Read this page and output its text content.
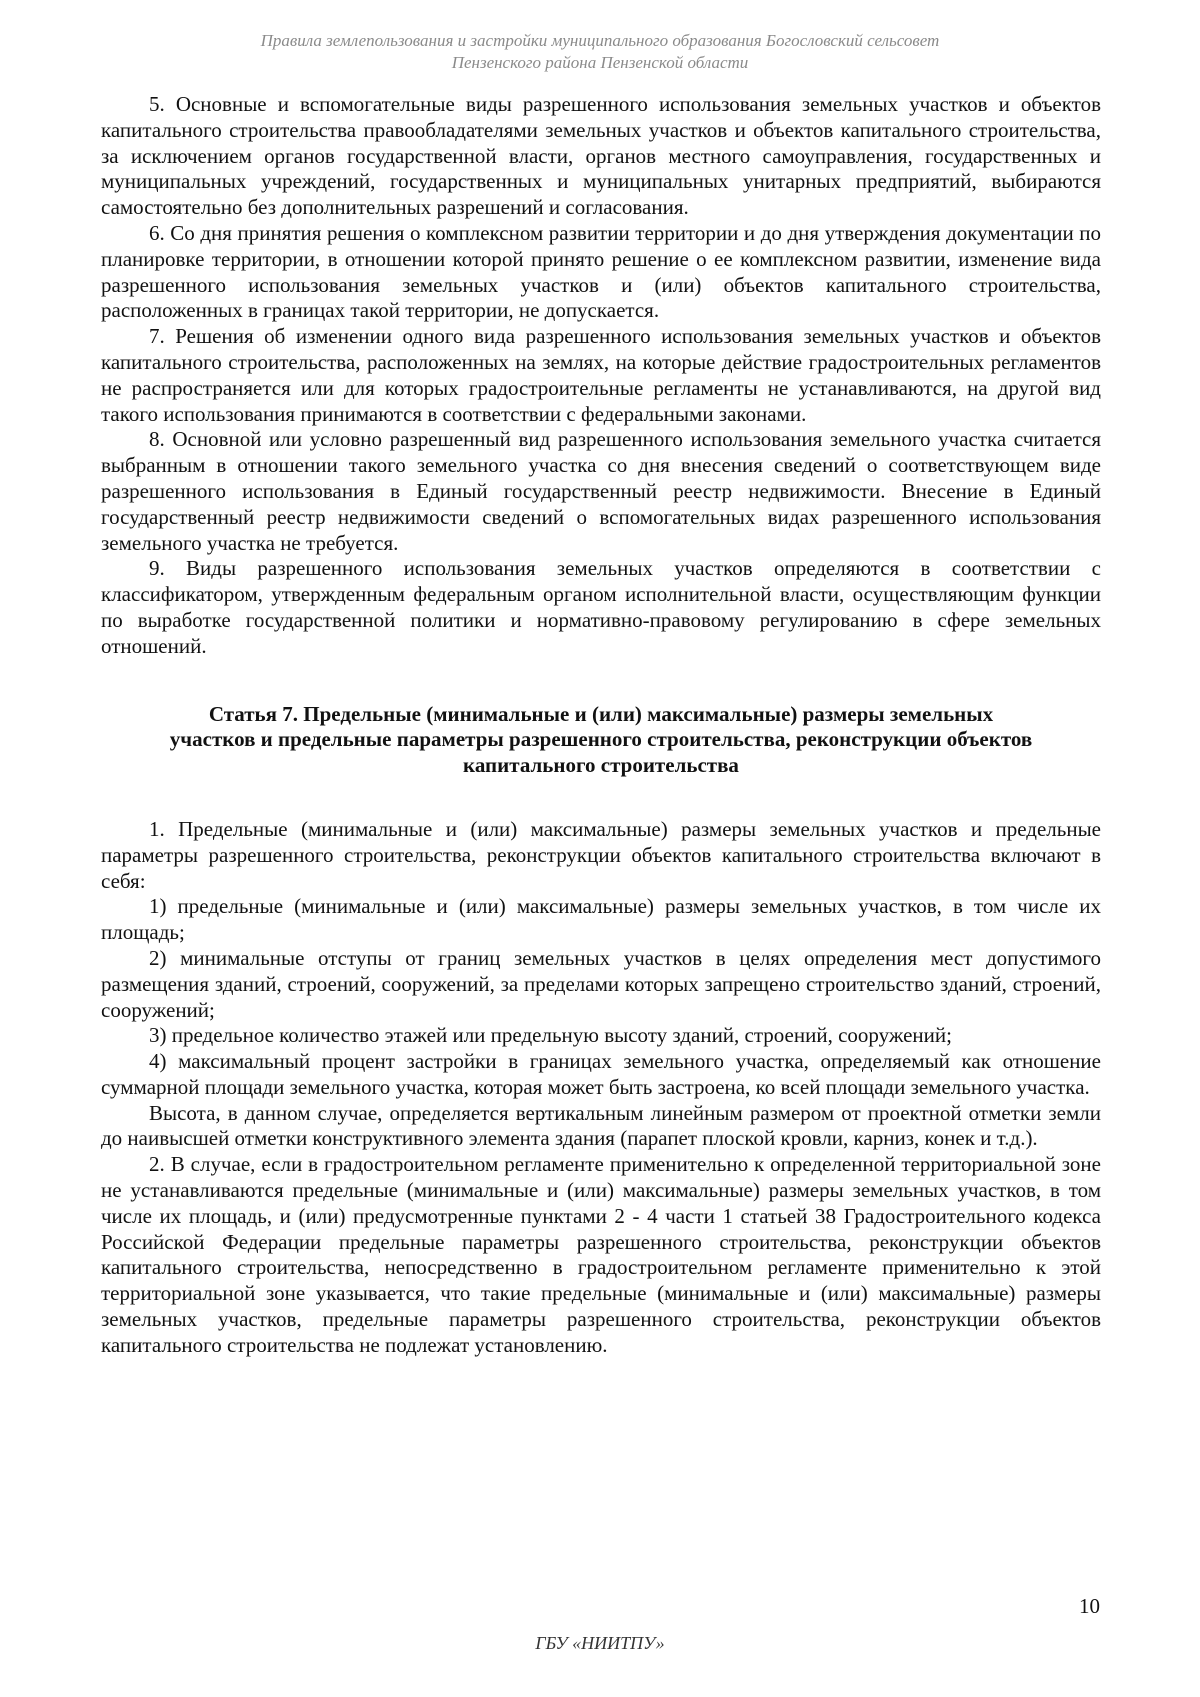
Правила землепользования и застройки муниципального образования Богословский сельсовет
Пензенского района Пензенской области

5. Основные и вспомогательные виды разрешенного использования земельных участков и объектов капитального строительства правообладателями земельных участков и объектов капитального строительства, за исключением органов государственной власти, органов местного самоуправления, государственных и муниципальных учреждений, государственных и муниципальных унитарных предприятий, выбираются самостоятельно без дополнительных разрешений и согласования.

6. Со дня принятия решения о комплексном развитии территории и до дня утверждения документации по планировке территории, в отношении которой принято решение о ее комплексном развитии, изменение вида разрешенного использования земельных участков и (или) объектов капитального строительства, расположенных в границах такой территории, не допускается.

7. Решения об изменении одного вида разрешенного использования земельных участков и объектов капитального строительства, расположенных на землях, на которые действие градостроительных регламентов не распространяется или для которых градостроительные регламенты не устанавливаются, на другой вид такого использования принимаются в соответствии с федеральными законами.

8. Основной или условно разрешенный вид разрешенного использования земельного участка считается выбранным в отношении такого земельного участка со дня внесения сведений о соответствующем виде разрешенного использования в Единый государственный реестр недвижимости. Внесение в Единый государственный реестр недвижимости сведений о вспомогательных видах разрешенного использования земельного участка не требуется.

9. Виды разрешенного использования земельных участков определяются в соответствии с классификатором, утвержденным федеральным органом исполнительной власти, осуществляющим функции по выработке государственной политики и нормативно-правовому регулированию в сфере земельных отношений.

Статья 7. Предельные (минимальные и (или) максимальные) размеры земельных
участков и предельные параметры разрешенного строительства, реконструкции объектов
капитального строительства

1. Предельные (минимальные и (или) максимальные) размеры земельных участков и предельные параметры разрешенного строительства, реконструкции объектов капитального строительства включают в себя:

1) предельные (минимальные и (или) максимальные) размеры земельных участков, в том числе их площадь;

2) минимальные отступы от границ земельных участков в целях определения мест допустимого размещения зданий, строений, сооружений, за пределами которых запрещено строительство зданий, строений, сооружений;

3) предельное количество этажей или предельную высоту зданий, строений, сооружений;

4) максимальный процент застройки в границах земельного участка, определяемый как отношение суммарной площади земельного участка, которая может быть застроена, ко всей площади земельного участка.

Высота, в данном случае, определяется вертикальным линейным размером от проектной отметки земли до наивысшей отметки конструктивного элемента здания (парапет плоской кровли, карниз, конек и т.д.).

2. В случае, если в градостроительном регламенте применительно к определенной территориальной зоне не устанавливаются предельные (минимальные и (или) максимальные) размеры земельных участков, в том числе их площадь, и (или) предусмотренные пунктами 2 - 4 части 1 статьей 38 Градостроительного кодекса Российской Федерации предельные параметры разрешенного строительства, реконструкции объектов капитального строительства, непосредственно в градостроительном регламенте применительно к этой территориальной зоне указывается, что такие предельные (минимальные и (или) максимальные) размеры земельных участков, предельные параметры разрешенного строительства, реконструкции объектов капитального строительства не подлежат установлению.

10
ГБУ «НИИТПУ»
